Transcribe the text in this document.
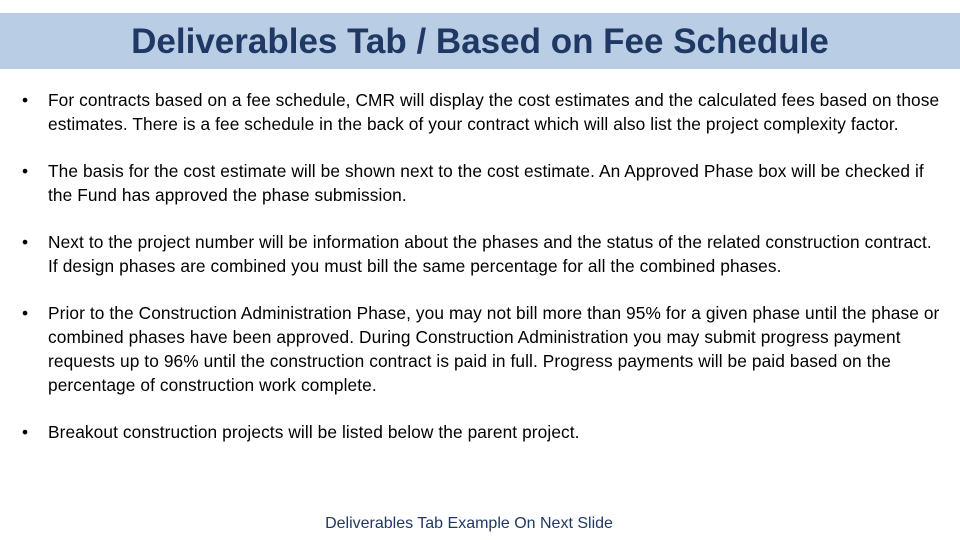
Deliverables Tab / Based on Fee Schedule
•	For contracts based on a fee schedule, CMR will display the cost estimates and the calculated fees based on those estimates. There is a fee schedule in the back of your contract which will also list the project complexity factor.
•	The basis for the cost estimate will be shown next to the cost estimate. An Approved Phase box will be checked if the Fund has approved the phase submission.
•	Next to the project number will be information about the phases and the status of the related construction contract. If design phases are combined you must bill the same percentage for all the combined phases.
•	Prior to the Construction Administration Phase, you may not bill more than 95% for a given phase until the phase or combined phases have been approved. During Construction Administration you may submit progress payment requests up to 96% until the construction contract is paid in full. Progress payments will be paid based on the percentage of construction work complete.
•	Breakout construction projects will be listed below the parent project.
Deliverables Tab Example On Next Slide
